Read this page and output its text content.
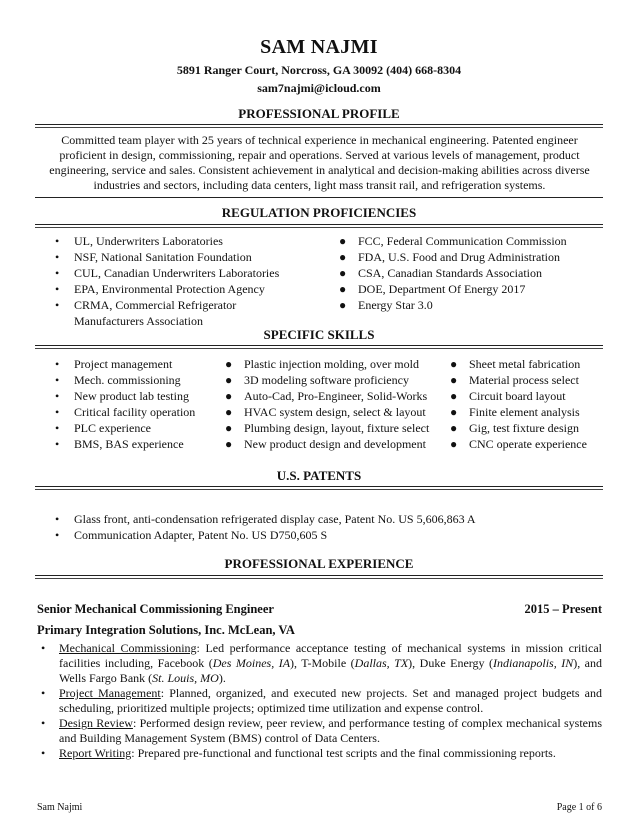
SAM NAJMI
5891 Ranger Court, Norcross, GA 30092 (404) 668-8304
sam7najmi@icloud.com
PROFESSIONAL PROFILE
Committed team player with 25 years of technical experience in mechanical engineering. Patented engineer proficient in design, commissioning, repair and operations. Served at various levels of management, product engineering, service and sales. Consistent achievement in analytical and decision-making abilities across diverse industries and sectors, including data centers, light mass transit rail, and refrigeration systems.
REGULATION PROFICIENCIES
• UL, Underwriters Laboratories
• NSF, National Sanitation Foundation
• CUL, Canadian Underwriters Laboratories
• EPA, Environmental Protection Agency
• CRMA, Commercial Refrigerator Manufacturers Association
● FCC, Federal Communication Commission
● FDA, U.S. Food and Drug Administration
● CSA, Canadian Standards Association
● DOE, Department Of Energy 2017
● Energy Star 3.0
SPECIFIC SKILLS
• Project management
• Mech. commissioning
• New product lab testing
• Critical facility operation
• PLC experience
• BMS, BAS experience
● Plastic injection molding, over mold
● 3D modeling software proficiency
● Auto-Cad, Pro-Engineer, Solid-Works
● HVAC system design, select & layout
● Plumbing design, layout, fixture select
● New product design and development
● Sheet metal fabrication
● Material process select
● Circuit board layout
● Finite element analysis
● Gig, test fixture design
● CNC operate experience
U.S. PATENTS
• Glass front, anti-condensation refrigerated display case, Patent No. US 5,606,863 A
• Communication Adapter, Patent No. US D750,605 S
PROFESSIONAL EXPERIENCE
Senior Mechanical Commissioning Engineer	2015 – Present
Primary Integration Solutions, Inc. McLean, VA
• Mechanical Commissioning: Led performance acceptance testing of mechanical systems in mission critical facilities including, Facebook (Des Moines, IA), T-Mobile (Dallas, TX), Duke Energy (Indianapolis, IN), and Wells Fargo Bank (St. Louis, MO).
• Project Management: Planned, organized, and executed new projects. Set and managed project budgets and scheduling, prioritized multiple projects; optimized time utilization and expense control.
• Design Review: Performed design review, peer review, and performance testing of complex mechanical systems and Building Management System (BMS) control of Data Centers.
• Report Writing: Prepared pre-functional and functional test scripts and the final commissioning reports.
Sam Najmi	Page 1 of 6
